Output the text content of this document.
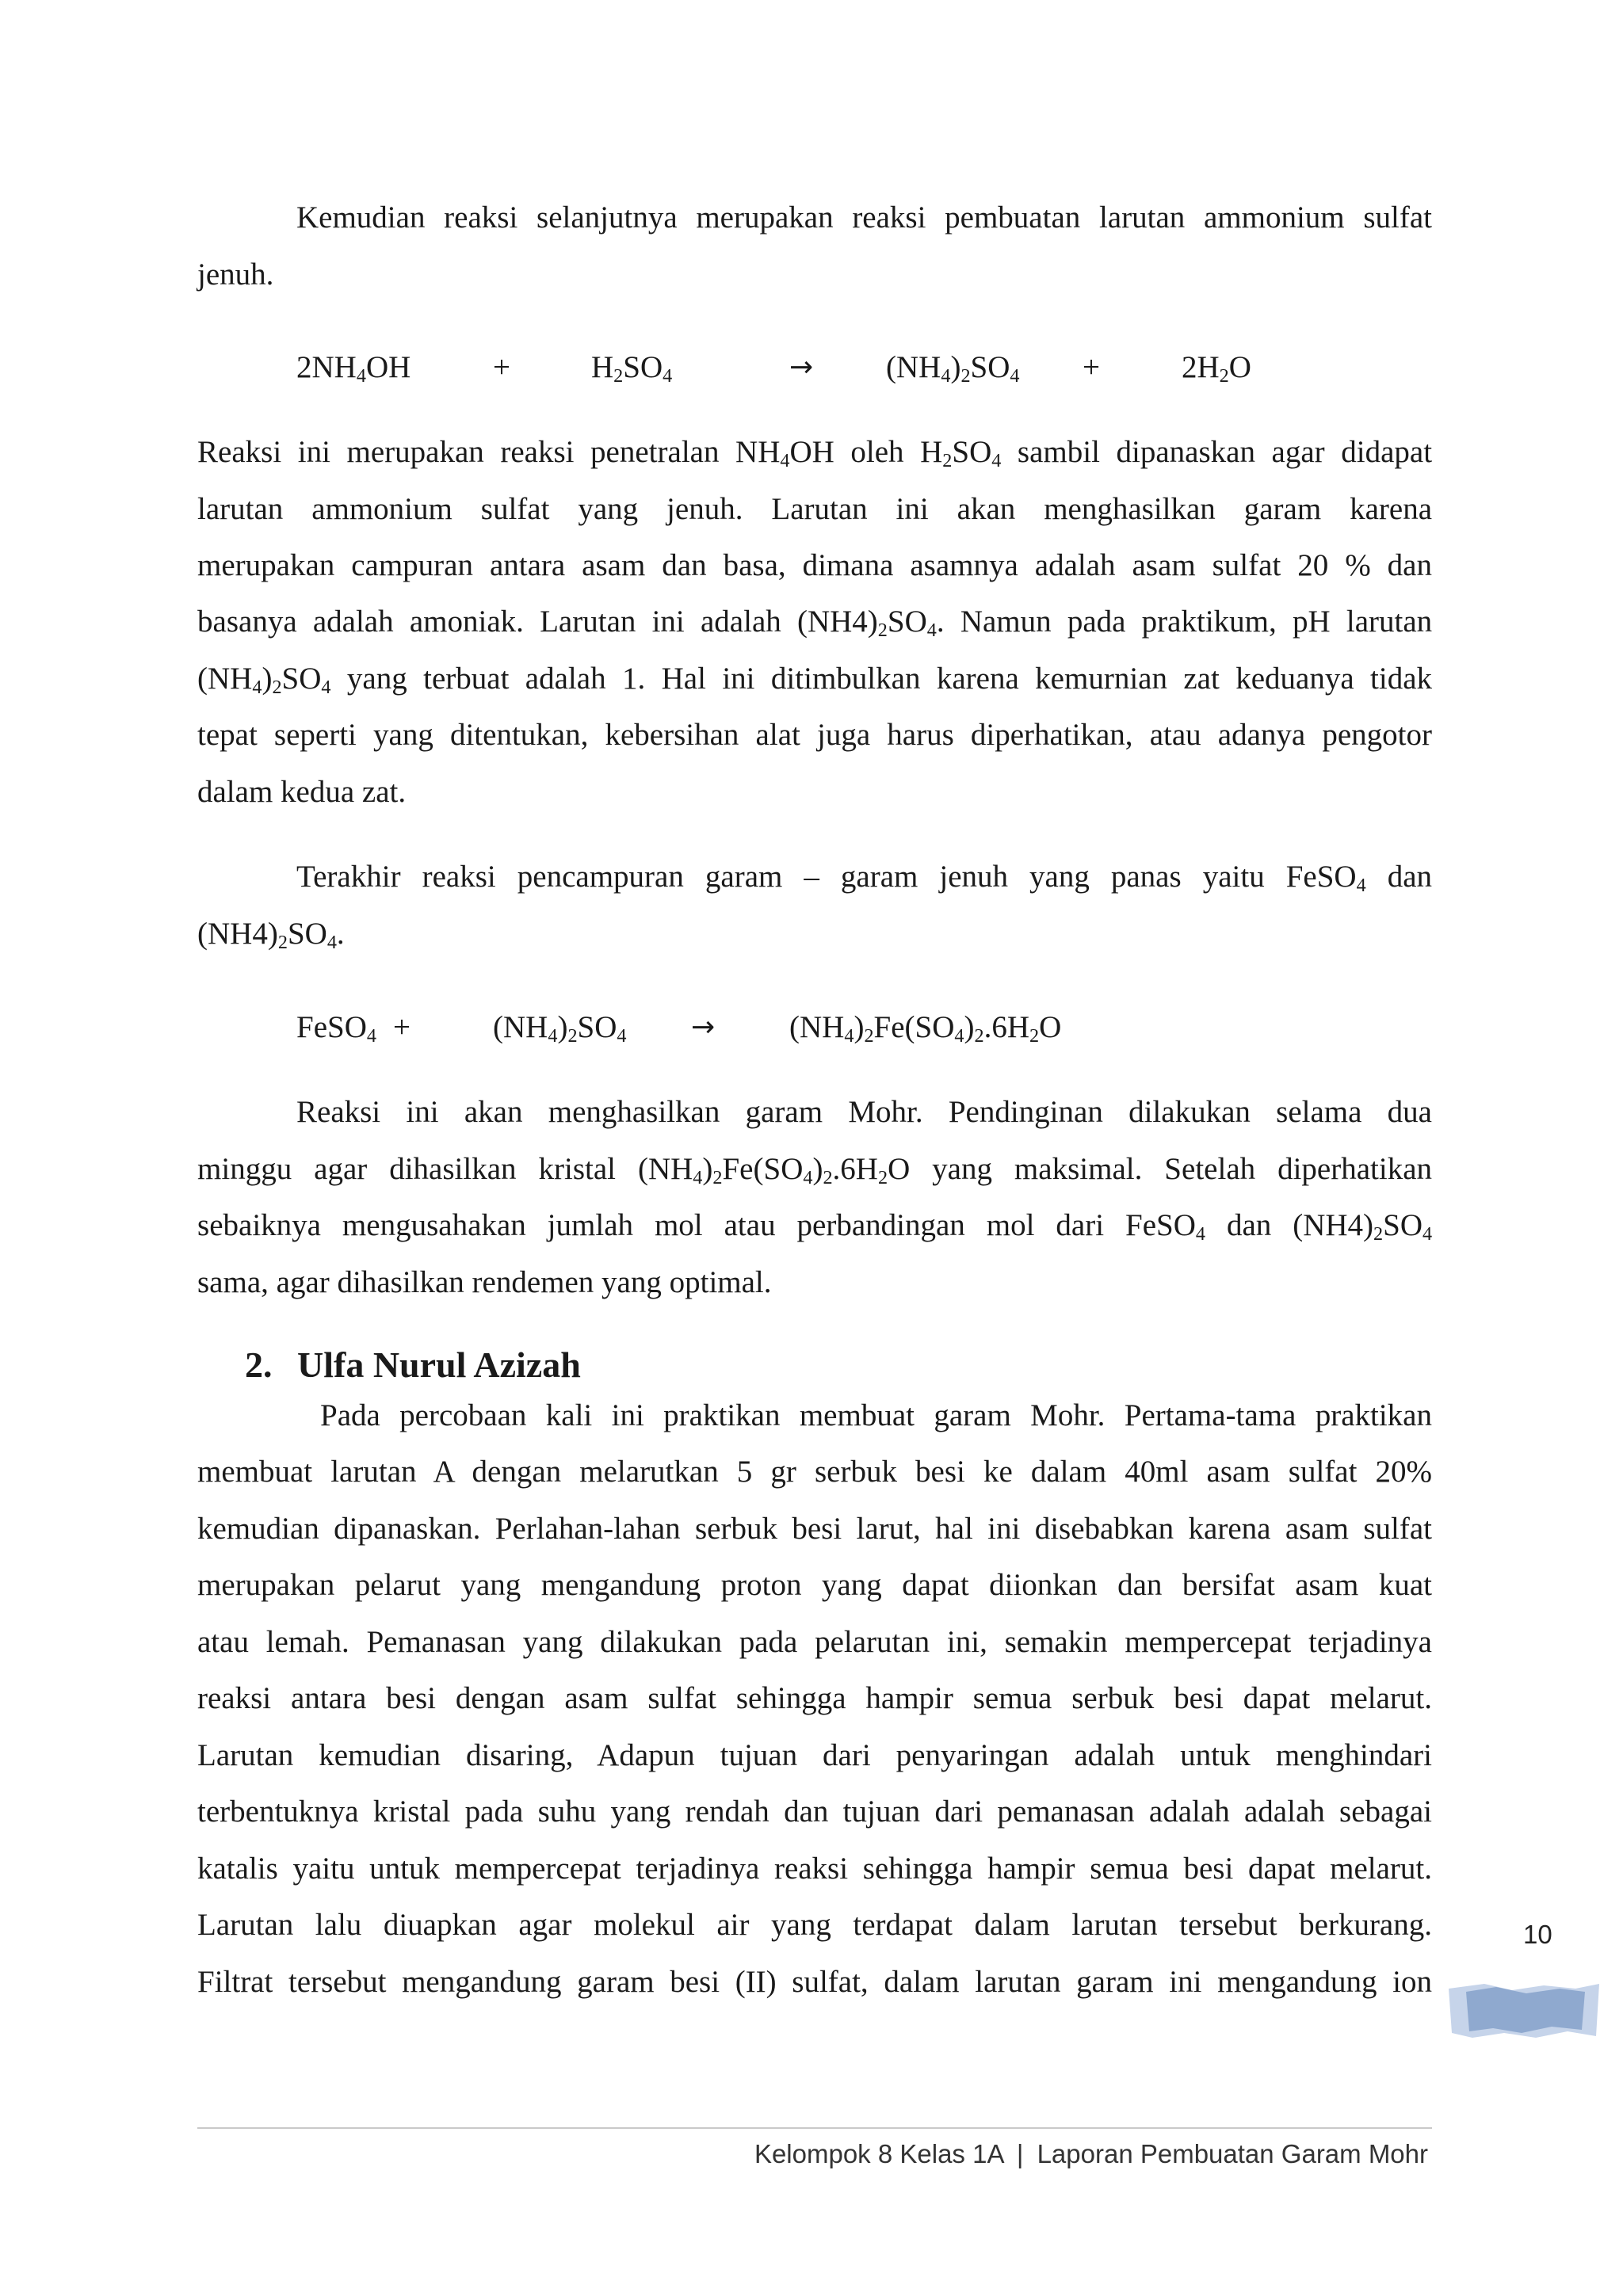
Kemudian reaksi selanjutnya merupakan reaksi pembuatan larutan ammonium sulfat
jenuh.
$2NH_4OH$	+	$H_2SO_4$	→ $(NH_4)_2SO_4$ +	$2H_2O$
Reaksi ini merupakan reaksi penetralan $NH_4OH$ oleh $H_2SO_4$ sambil dipanaskan agar didapat
larutan ammonium sulfat yang jenuh. Larutan ini akan menghasilkan garam karena
merupakan campuran antara asam dan basa, dimana asamnya adalah asam sulfat 20 % dan
basanya adalah amoniak. Larutan ini adalah $(NH4)_2SO_4$. Namun pada praktikum, pH larutan
$(NH_4)_2SO_4$ yang terbuat adalah 1. Hal ini ditimbulkan karena kemurnian zat keduanya tidak
tepat seperti yang ditentukan, kebersihan alat juga harus diperhatikan, atau adanya pengotor
dalam kedua zat.
Terakhir reaksi pencampuran garam – garam jenuh yang panas yaitu FeSO$_4$ dan
$(NH4)_2SO_4$.
FeSO$_4$ +	$(NH_4)_2SO_4 \to (NH_4)_2Fe(SO_4)_2.6H_2O$
Reaksi ini akan menghasilkan garam Mohr. Pendinginan dilakukan selama dua
minggu agar dihasilkan kristal $(NH_4)_2Fe(SO_4)_2.6H_2O$ yang maksimal. Setelah diperhatikan
sebaiknya mengusahakan jumlah mol atau perbandingan mol dari FeSO$_4$ dan $(NH4)_2SO_4$
sama, agar dihasilkan rendemen yang optimal.
2. Ulfa Nurul Azizah
Pada percobaan kali ini praktikan membuat garam Mohr. Pertama-tama praktikan
membuat larutan A dengan melarutkan 5 gr serbuk besi ke dalam 40ml asam sulfat 20%
kemudian dipanaskan. Perlahan-lahan serbuk besi larut, hal ini disebabkan karena asam sulfat
merupakan pelarut yang mengandung proton yang dapat diionkan dan bersifat asam kuat
atau lemah. Pemanasan yang dilakukan pada pelarutan ini, semakin mempercepat terjadinya
reaksi antara besi dengan asam sulfat sehingga hampir semua serbuk besi dapat melarut.
Larutan kemudian disaring, Adapun tujuan dari penyaringan adalah untuk menghindari
terbentuknya kristal pada suhu yang rendah dan tujuan dari pemanasan adalah adalah sebagai
katalis yaitu untuk mempercepat terjadinya reaksi sehingga hampir semua besi dapat melarut.
Larutan lalu diuapkan agar molekul air yang terdapat dalam larutan tersebut berkurang.
Filtrat tersebut mengandung garam besi (II) sulfat, dalam larutan garam ini mengandung ion
10
Kelompok 8 Kelas 1A | Laporan Pembuatan Garam Mohr
